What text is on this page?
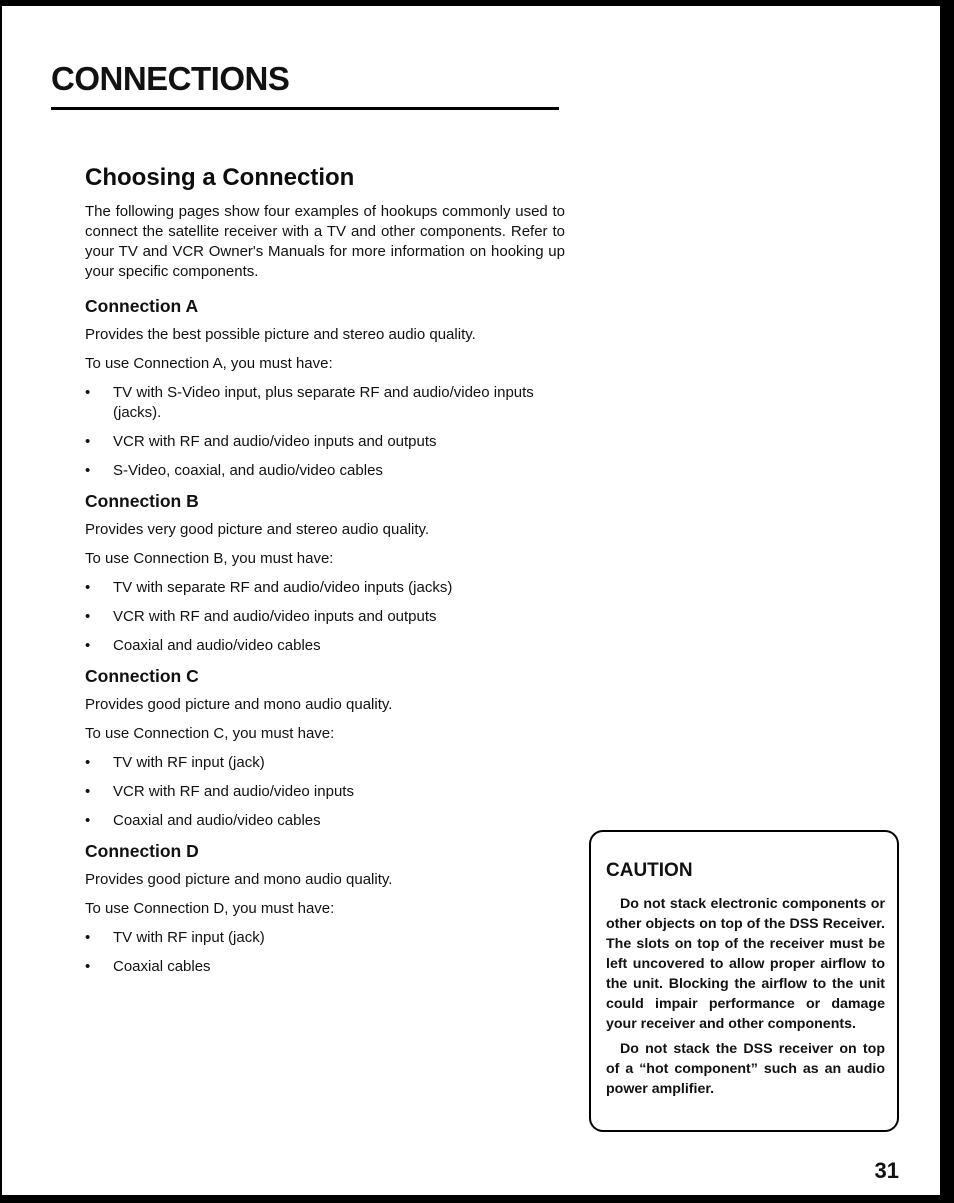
CONNECTIONS
Choosing a Connection

The following pages show four examples of hookups commonly used to connect the satellite receiver with a TV and other components. Refer to your TV and VCR Owner's Manuals for more information on hooking up your specific components.

Connection A

Provides the best possible picture and stereo audio quality.

To use Connection A, you must have:

•	TV with S-Video input, plus separate RF and audio/video inputs (jacks).
•	VCR with RF and audio/video inputs and outputs
•	S-Video, coaxial, and audio/video cables
Connection B

Provides very good picture and stereo audio quality.

To use Connection B, you must have:

•	TV with separate RF and audio/video inputs (jacks)
•	VCR with RF and audio/video inputs and outputs
•	Coaxial and audio/video cables
Connection C

Provides good picture and mono audio quality.

To use Connection C, you must have:

•	TV with RF input (jack)
•	VCR with RF and audio/video inputs
•	Coaxial and audio/video cables
Connection D

Provides good picture and mono audio quality.

To use Connection D, you must have:

•	TV with RF input (jack)
•	Coaxial cables
CAUTION

Do not stack electronic components or other objects on top of the DSS Receiver. The slots on top of the receiver must be left uncovered to allow proper airflow to the unit. Blocking the airflow to the unit could impair performance or damage your receiver and other components.

Do not stack the DSS receiver on top of a “hot component” such as an audio power amplifier.

31
